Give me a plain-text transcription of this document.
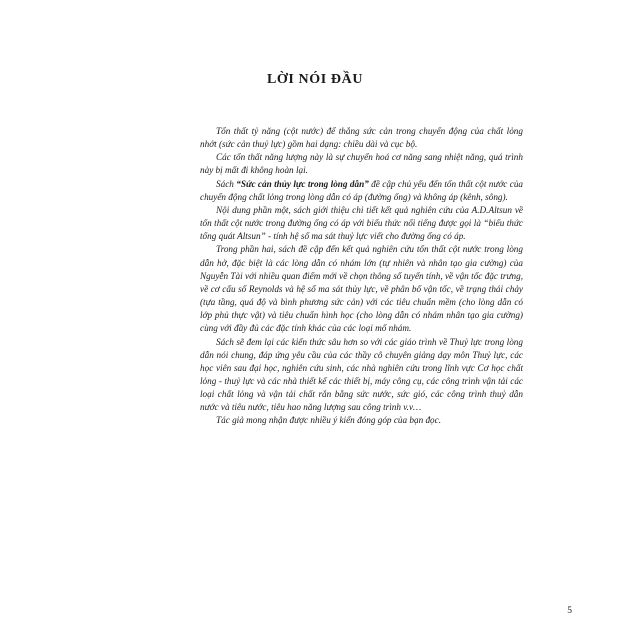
LỜI NÓI ĐẦU

Tổn thất tỷ năng (cột nước) để thắng sức cản trong chuyển động của chất lỏng nhớt (sức cản thuỷ lực) gồm hai dạng: chiều dài và cục bộ.

Các tổn thất năng lượng này là sự chuyển hoá cơ năng sang nhiệt năng, quá trình này bị mất đi không hoàn lại.

Sách “Sức cản thủy lực trong lòng dẫn” đề cập chủ yếu đến tổn thất cột nước của chuyển động chất lỏng trong lòng dẫn có áp (đường ống) và không áp (kênh, sông).

Nội dung phần một, sách giới thiệu chi tiết kết quả nghiên cứu của A.D.Altsun về tổn thất cột nước trong đường ống có áp với biểu thức nổi tiếng được gọi là “biểu thức tổng quát Altsun” - tính hệ số ma sát thuỷ lực viết cho đường ống có áp.

Trong phần hai, sách đề cập đến kết quả nghiên cứu tổn thất cột nước trong lòng dẫn hở, đặc biệt là các lòng dẫn có nhám lớn (tự nhiên và nhân tạo gia cường) của Nguyễn Tài với nhiều quan điểm mới về chọn thông số tuyến tính, về vận tốc đặc trưng, về cơ cấu số Reynolds và hệ số ma sát thủy lực, về phân bố vận tốc, về trạng thái chảy (tựa tầng, quá độ và bình phương sức cản) với các tiêu chuẩn mềm (cho lòng dẫn có lớp phủ thực vật) và tiêu chuẩn hình học (cho lòng dẫn có nhám nhân tạo gia cường) cùng với đầy đủ các đặc tính khác của các loại mố nhám.

Sách sẽ đem lại các kiến thức sâu hơn so với các giáo trình về Thuỷ lực trong lòng dẫn nói chung, đáp ứng yêu cầu của các thầy cô chuyên giảng dạy môn Thuỷ lực, các học viên sau đại học, nghiên cứu sinh, các nhà nghiên cứu trong lĩnh vực Cơ học chất lỏng - thuỷ lực và các nhà thiết kế các thiết bị, máy công cụ, các công trình vận tải các loại chất lỏng và vận tải chất rắn bằng sức nước, sức gió, các công trình thuỷ dẫn nước và tiêu nước, tiêu hao năng lượng sau công trình v.v…

Tác giả mong nhận được nhiều ý kiến đóng góp của bạn đọc.

5
